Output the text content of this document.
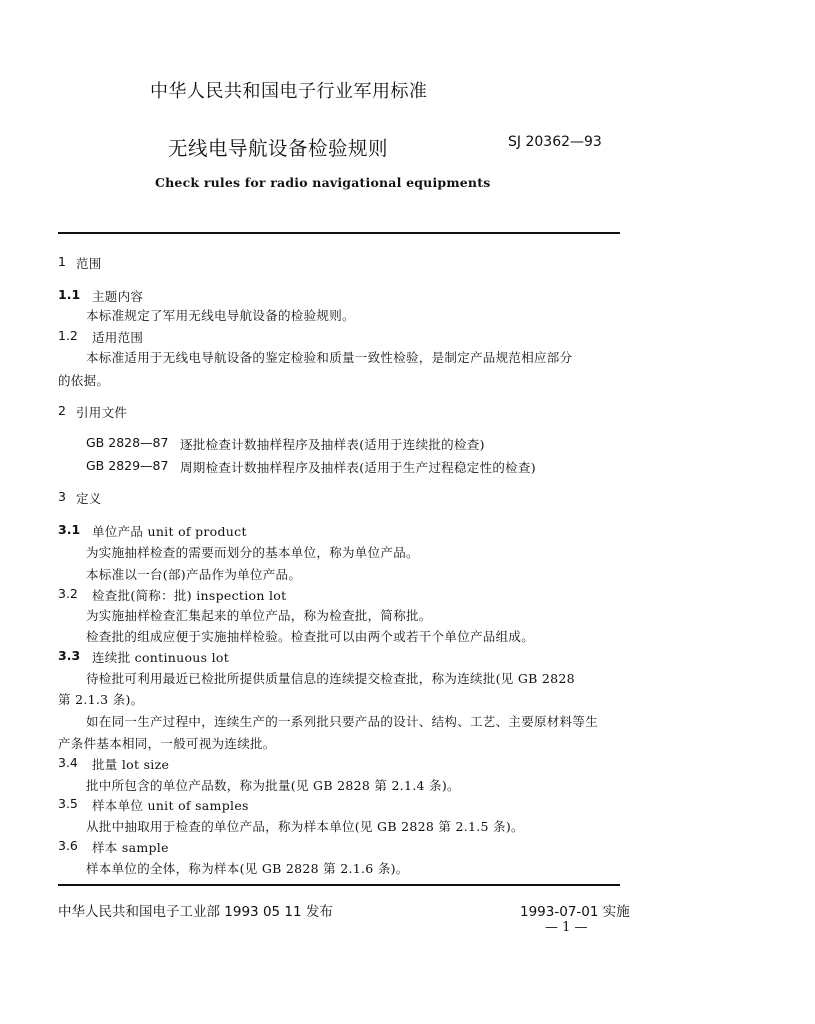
中华人民共和国电子行业军用标准
无线电导航设备检验规则	SJ 20362—93
Check rules for radio navigational equipments
1 范围
1.1 主题内容
本标准规定了军用无线电导航设备的检验规则。
1.2 适用范围
本标准适用于无线电导航设备的鉴定检验和质量一致性检验，是制定产品规范相应部分
的依据。
2 引用文件
GB 2828—87 逐批检查计数抽样程序及抽样表(适用于连续批的检查)
GB 2829—87 周期检查计数抽样程序及抽样表(适用于生产过程稳定性的检查)
3 定义
3.1 单位产品 unit of product
为实施抽样检查的需要而划分的基本单位，称为单位产品。
本标准以一台(部)产品作为单位产品。
3.2 检查批(简称：批) inspection lot
为实施抽样检查汇集起来的单位产品，称为检查批，简称批。
检查批的组成应便于实施抽样检验。检查批可以由两个或若干个单位产品组成。
3.3 连续批 continuous lot
待检批可利用最近已检批所提供质量信息的连续提交检查批，称为连续批(见 GB 2828
第 2.1.3 条)。
如在同一生产过程中，连续生产的一系列批只要产品的设计、结构、工艺、主要原材料等生
产条件基本相同，一般可视为连续批。
3.4 批量 lot size
批中所包含的单位产品数，称为批量(见 GB 2828 第 2.1.4 条)。
3.5 样本单位 unit of samples
从批中抽取用于检查的单位产品，称为样本单位(见 GB 2828 第 2.1.5 条)。
3.6 样本 sample
样本单位的全体，称为样本(见 GB 2828 第 2.1.6 条)。
中华人民共和国电子工业部 1993 05 11 发布	1993-07-01 实施
— 1 —
